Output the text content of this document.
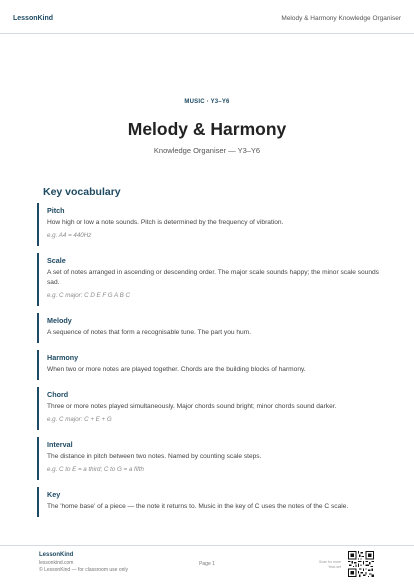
LessonKind	Melody & Harmony Knowledge Organiser
MUSIC · Y3–Y6
Melody & Harmony
Knowledge Organiser — Y3–Y6
Key vocabulary
Pitch
How high or low a note sounds. Pitch is determined by the frequency of vibration.
e.g. A4 = 440Hz
Scale
A set of notes arranged in ascending or descending order. The major scale sounds happy; the minor scale sounds sad.
e.g. C major: C D E F G A B C
Melody
A sequence of notes that form a recognisable tune. The part you hum.
Harmony
When two or more notes are played together. Chords are the building blocks of harmony.
Chord
Three or more notes played simultaneously. Major chords sound bright; minor chords sound darker.
e.g. C major: C + E + G
Interval
The distance in pitch between two notes. Named by counting scale steps.
e.g. C to E = a third; C to G = a fifth
Key
The 'home base' of a piece — the note it returns to. Music in the key of C uses the notes of the C scale.
LessonKind
lessonkind.com
© LessonKind — for classroom use only
Page 1	Scan for more Year-set
